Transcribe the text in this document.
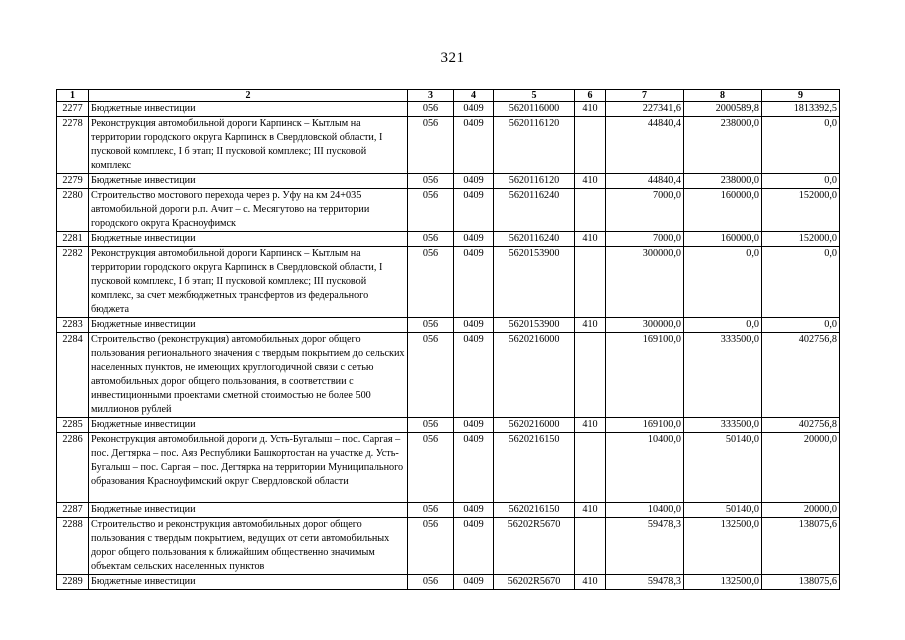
321
1	2	3	4	5	6	7	8	9
2277	Бюджетные инвестиции	056	0409	5620116000	410	227341,6	2000589,8	1813392,5
2278	Реконструкция автомобильной дороги Карпинск – Кытлым на территории городского округа Карпинск в Свердловской области, I пусковой комплекс, I б этап; II пусковой комплекс; III пусковой комплекс	056	0409	5620116120		44840,4	238000,0	0,0
2279	Бюджетные инвестиции	056	0409	5620116120	410	44840,4	238000,0	0,0
2280	Строительство мостового перехода через р. Уфу на км 24+035 автомобильной дороги р.п. Ачит – с. Месягутово на территории городского округа Красноуфимск	056	0409	5620116240		7000,0	160000,0	152000,0
2281	Бюджетные инвестиции	056	0409	5620116240	410	7000,0	160000,0	152000,0
2282	Реконструкция автомобильной дороги Карпинск – Кытлым на территории городского округа Карпинск в Свердловской области, I пусковой комплекс, I б этап; II пусковой комплекс; III пусковой комплекс, за счет межбюджетных трансфертов из федерального бюджета	056	0409	5620153900		300000,0	0,0	0,0
2283	Бюджетные инвестиции	056	0409	5620153900	410	300000,0	0,0	0,0
2284	Строительство (реконструкция) автомобильных дорог общего пользования регионального значения с твердым покрытием до сельских населенных пунктов, не имеющих круглогодичной связи с сетью автомобильных дорог общего пользования, в соответствии с инвестиционными проектами сметной стоимостью не более 500 миллионов рублей	056	0409	5620216000		169100,0	333500,0	402756,8
2285	Бюджетные инвестиции	056	0409	5620216000	410	169100,0	333500,0	402756,8
2286	Реконструкция автомобильной дороги д. Усть-Бугалыш – пос. Саргая – пос. Дегтярка – пос. Аяз Республики Башкортостан на участке д. Усть-Бугалыш – пос. Саргая – пос. Дегтярка на территории Муниципального образования Красноуфимский округ Свердловской области	056	0409	5620216150		10400,0	50140,0	20000,0
2287	Бюджетные инвестиции	056	0409	5620216150	410	10400,0	50140,0	20000,0
2288	Строительство и реконструкция автомобильных дорог общего пользования с твердым покрытием, ведущих от сети автомобильных дорог общего пользования к ближайшим общественно значимым объектам сельских населенных пунктов	056	0409	56202R5670		59478,3	132500,0	138075,6
2289	Бюджетные инвестиции	056	0409	56202R5670	410	59478,3	132500,0	138075,6
